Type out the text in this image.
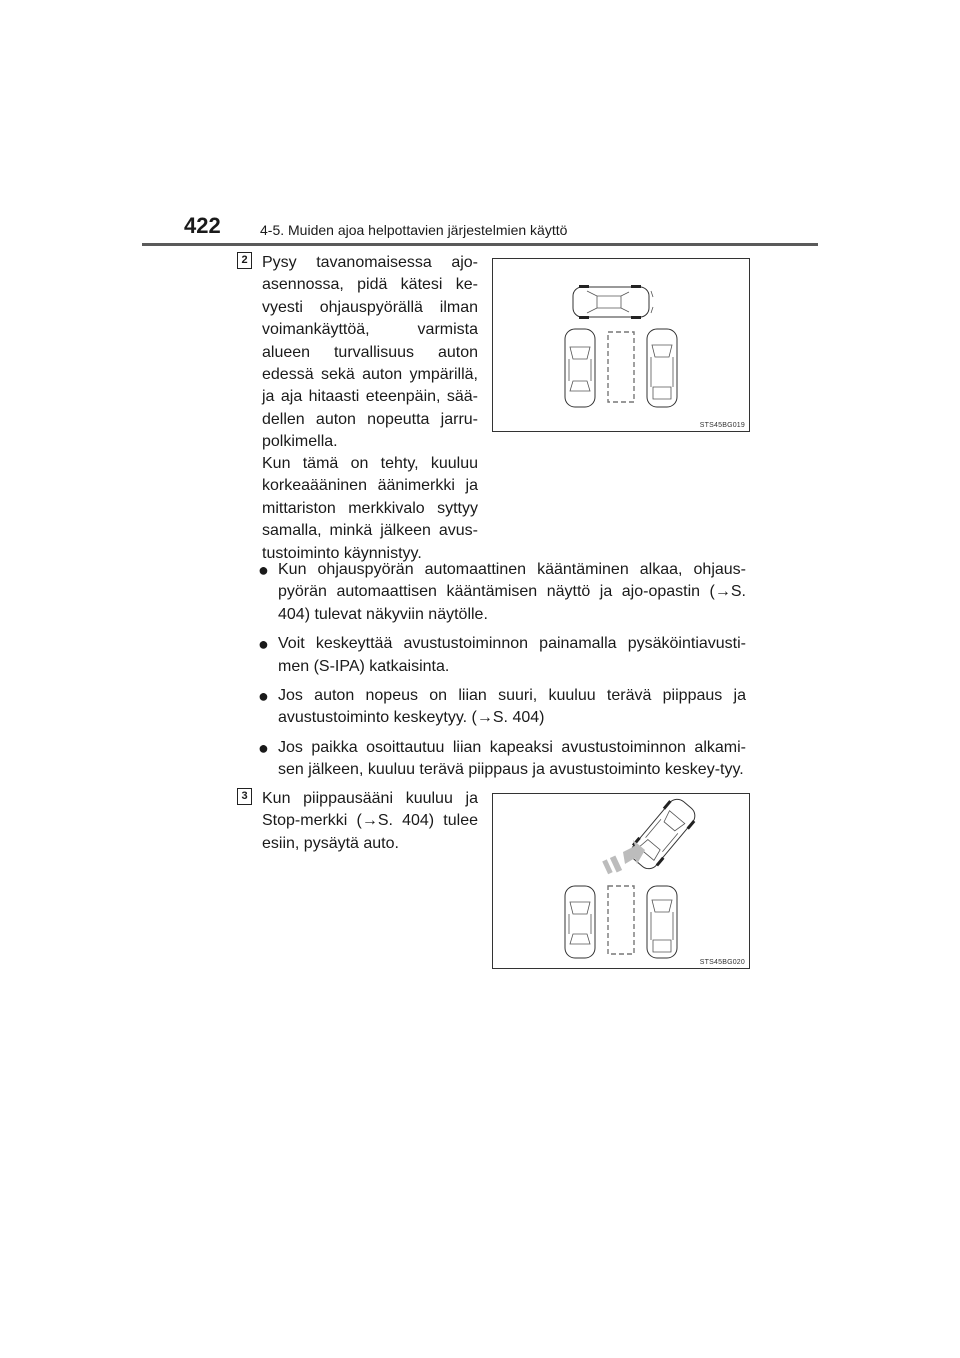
422	4-5. Muiden ajoa helpottavien järjestelmien käyttö
2 Pysy tavanomaisessa ajo-asennossa, pidä kätesi ke-vyesti ohjauspyörällä ilman voimankäyttöä, varmista alueen turvallisuus auton edessä sekä auton ympärillä, ja aja hitaasti eteenpäin, sää-dellen auton nopeutta jarru-polkimella.

Kun tämä on tehty, kuuluu korkeaääninen äänimerkki ja mittariston merkkivalo syttyy samalla, minkä jälkeen avus-tustoiminto käynnistyy.

STS45BG019
● Kun ohjauspyörän automaattinen kääntäminen alkaa, ohjaus-pyörän automaattisen kääntämisen näyttö ja ajo-opastin (→S. 404) tulevat näkyviin näytölle.
● Voit keskeyttää avustustoiminnon painamalla pysäköintiavusti-men (S-IPA) katkaisinta.
● Jos auton nopeus on liian suuri, kuuluu terävä piippaus ja avustustoiminto keskeytyy. (→S. 404)
● Jos paikka osoittautuu liian kapeaksi avustustoiminnon alkami-sen jälkeen, kuuluu terävä piippaus ja avustustoiminto keskey-tyy.
3 Kun piippausääni kuuluu ja Stop-merkki (→S. 404) tulee esiin, pysäytä auto.

STS45BG020
